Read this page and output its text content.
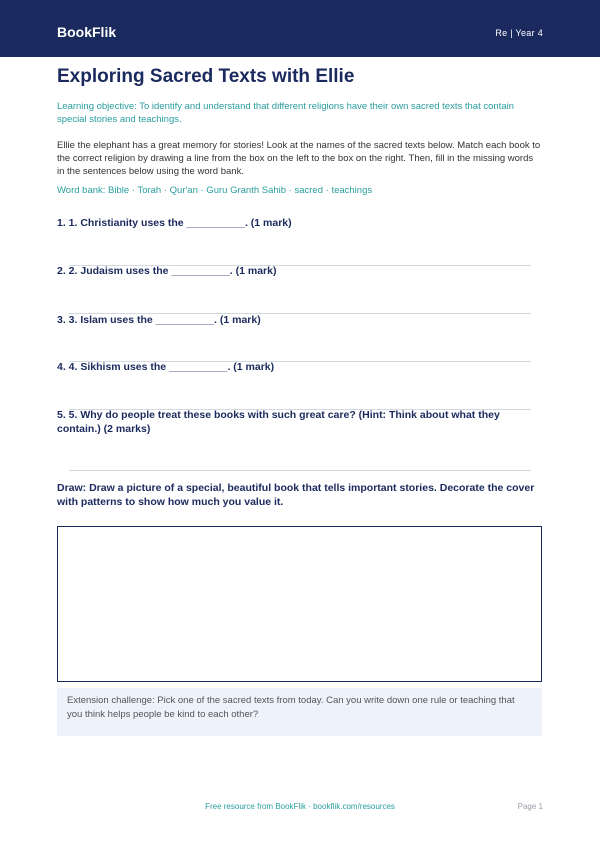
BookFlik	Re | Year 4
Exploring Sacred Texts with Ellie
Learning objective: To identify and understand that different religions have their own sacred texts that contain special stories and teachings.
Ellie the elephant has a great memory for stories! Look at the names of the sacred texts below. Match each book to the correct religion by drawing a line from the box on the left to the box on the right. Then, fill in the missing words in the sentences below using the word bank.
Word bank: Bible · Torah · Qur'an · Guru Granth Sahib · sacred · teachings
1. 1. Christianity uses the __________. (1 mark)
2. 2. Judaism uses the __________. (1 mark)
3. 3. Islam uses the __________. (1 mark)
4. 4. Sikhism uses the __________. (1 mark)
5. 5. Why do people treat these books with such great care? (Hint: Think about what they contain.) (2 marks)
Draw: Draw a picture of a special, beautiful book that tells important stories. Decorate the cover with patterns to show how much you value it.
Extension challenge: Pick one of the sacred texts from today. Can you write down one rule or teaching that you think helps people be kind to each other?
Free resource from BookFlik · bookflik.com/resources	Page 1
